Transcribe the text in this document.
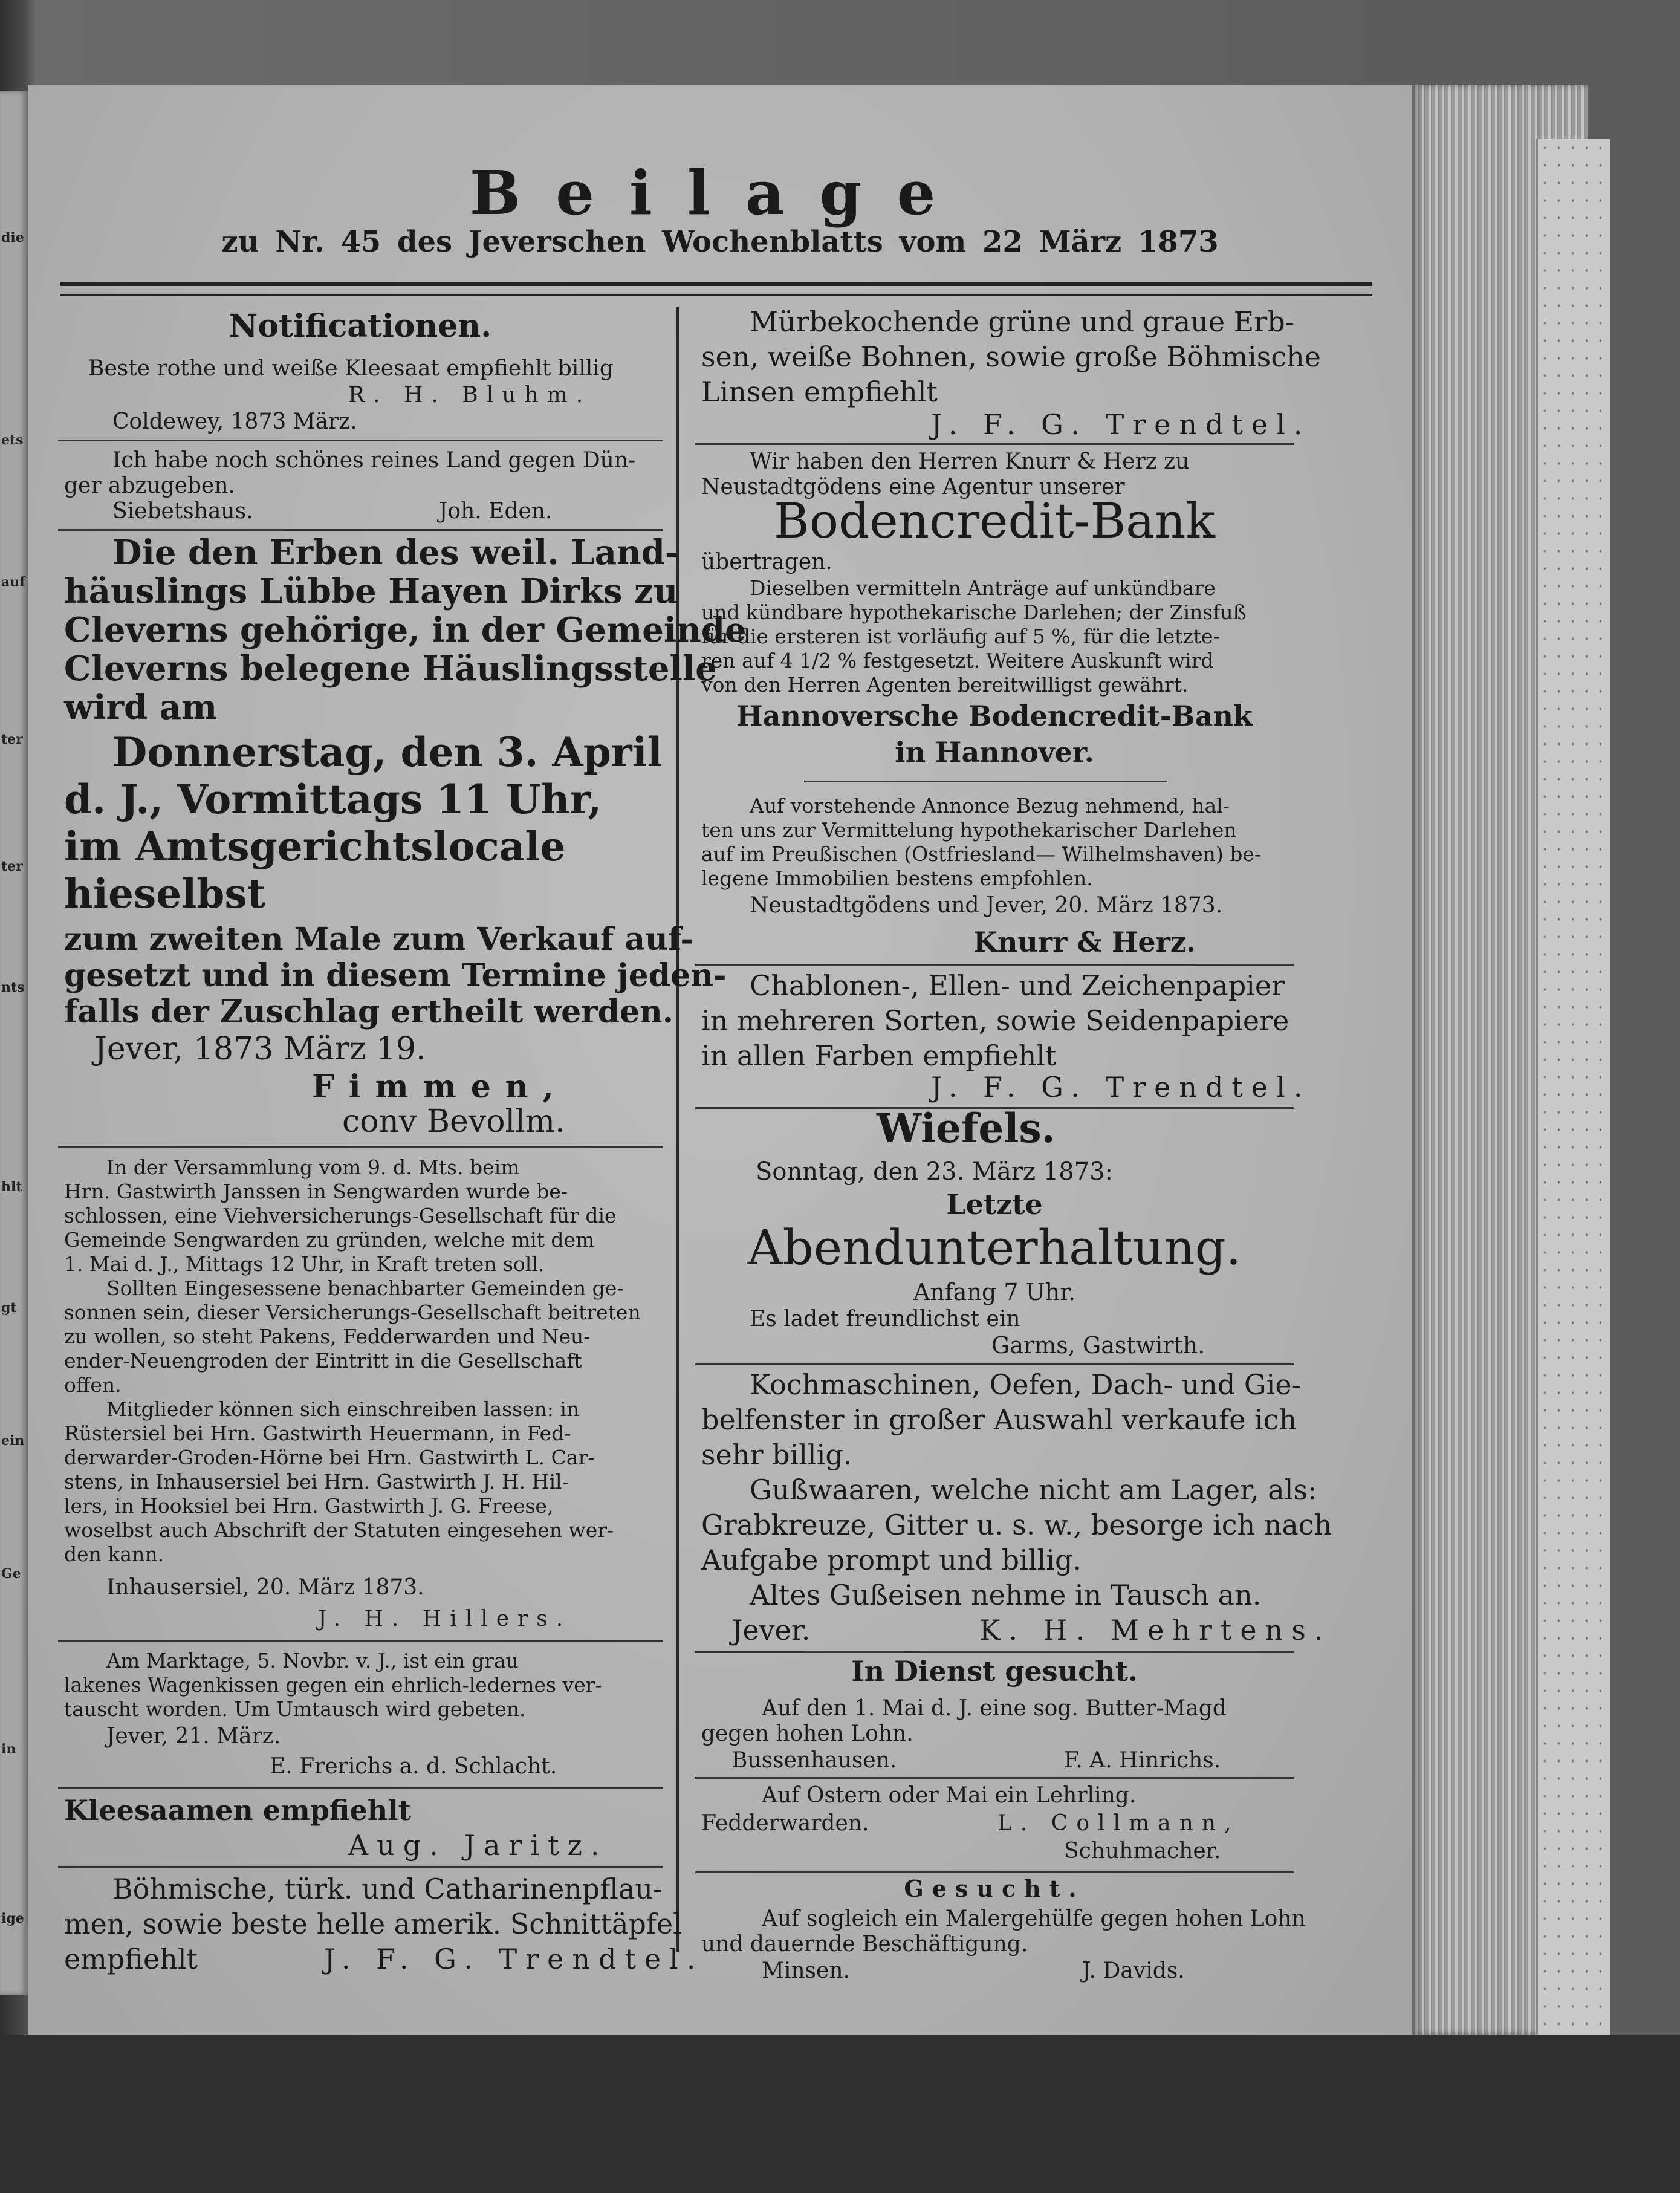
die
ets
auf
ter
ter
nts
hlt
gt
ein
Ge
in
ige
Beilage
zu Nr. 45 des Jeverschen Wochenblatts vom 22 März 1873
Notificationen.
Beste rothe und weiße Kleesaat empfiehlt billig
R. H. Bluhm.
Coldewey, 1873 März.
Ich habe noch schönes reines Land gegen Dün-
ger abzugeben.
Siebetshaus.	Joh. Eden.
Die den Erben des weil. Land-
häuslings Lübbe Hayen Dirks zu
Cleverns gehörige, in der Gemeinde
Cleverns belegene Häuslingsstelle
wird am
Donnerstag, den 3. April
d. J., Vormittags 11 Uhr,
im Amtsgerichtslocale
hieselbst
zum zweiten Male zum Verkauf auf-
gesetzt und in diesem Termine jeden-
falls der Zuschlag ertheilt werden.
Jever, 1873 März 19.
Fimmen,
conv Bevollm.
In der Versammlung vom 9. d. Mts. beim
Hrn. Gastwirth Janssen in Sengwarden wurde be-
schlossen, eine Viehversicherungs-Gesellschaft für die
Gemeinde Sengwarden zu gründen, welche mit dem
1. Mai d. J., Mittags 12 Uhr, in Kraft treten soll.
Sollten Eingesessene benachbarter Gemeinden ge-
sonnen sein, dieser Versicherungs-Gesellschaft beitreten
zu wollen, so steht Pakens, Fedderwarden und Neu-
ender-Neuengroden der Eintritt in die Gesellschaft
offen.
Mitglieder können sich einschreiben lassen: in
Rüstersiel bei Hrn. Gastwirth Heuermann, in Fed-
derwarder-Groden-Hörne bei Hrn. Gastwirth L. Car-
stens, in Inhausersiel bei Hrn. Gastwirth J. H. Hil-
lers, in Hooksiel bei Hrn. Gastwirth J. G. Freese,
woselbst auch Abschrift der Statuten eingesehen wer-
den kann.
Inhausersiel, 20. März 1873.
J. H. Hillers.
Am Marktage, 5. Novbr. v. J., ist ein grau
lakenes Wagenkissen gegen ein ehrlich-ledernes ver-
tauscht worden. Um Umtausch wird gebeten.
Jever, 21. März.
E. Frerichs a. d. Schlacht.
Kleesaamen empfiehlt
Aug. Jaritz.
Böhmische, türk. und Catharinenpflau-
men, sowie beste helle amerik. Schnittäpfel
empfiehlt	J. F. G. Trendtel.
Mürbekochende grüne und graue Erb-
sen, weiße Bohnen, sowie große Böhmische
Linsen empfiehlt
J. F. G. Trendtel.
Wir haben den Herren Knurr & Herz zu
Neustadtgödens eine Agentur unserer
Bodencredit-Bank
übertragen.
Dieselben vermitteln Anträge auf unkündbare
und kündbare hypothekarische Darlehen; der Zinsfuß
für die ersteren ist vorläufig auf 5 %, für die letzte-
ren auf 4 1/2 % festgesetzt. Weitere Auskunft wird
von den Herren Agenten bereitwilligst gewährt.
Hannoversche Bodencredit-Bank
in Hannover.
Auf vorstehende Annonce Bezug nehmend, hal-
ten uns zur Vermittelung hypothekarischer Darlehen
auf im Preußischen (Ostfriesland— Wilhelmshaven) be-
legene Immobilien bestens empfohlen.
Neustadtgödens und Jever, 20. März 1873.
Knurr & Herz.
Chablonen-, Ellen- und Zeichenpapier
in mehreren Sorten, sowie Seidenpapiere
in allen Farben empfiehlt
J. F. G. Trendtel.
Wiefels.
Sonntag, den 23. März 1873:
Letzte
Abendunterhaltung.
Anfang 7 Uhr.
Es ladet freundlichst ein
Garms, Gastwirth.
Kochmaschinen, Oefen, Dach- und Gie-
belfenster in großer Auswahl verkaufe ich
sehr billig.
Gußwaaren, welche nicht am Lager, als:
Grabkreuze, Gitter u. s. w., besorge ich nach
Aufgabe prompt und billig.
Altes Gußeisen nehme in Tausch an.
Jever.	K. H. Mehrtens.
In Dienst gesucht.
Auf den 1. Mai d. J. eine sog. Butter-Magd
gegen hohen Lohn.
Bussenhausen.	F. A. Hinrichs.
Auf Ostern oder Mai ein Lehrling.
Fedderwarden.	L. Collmann,
Schuhmacher.
Gesucht.
Auf sogleich ein Malergehülfe gegen hohen Lohn
und dauernde Beschäftigung.
Minsen.	J. Davids.
